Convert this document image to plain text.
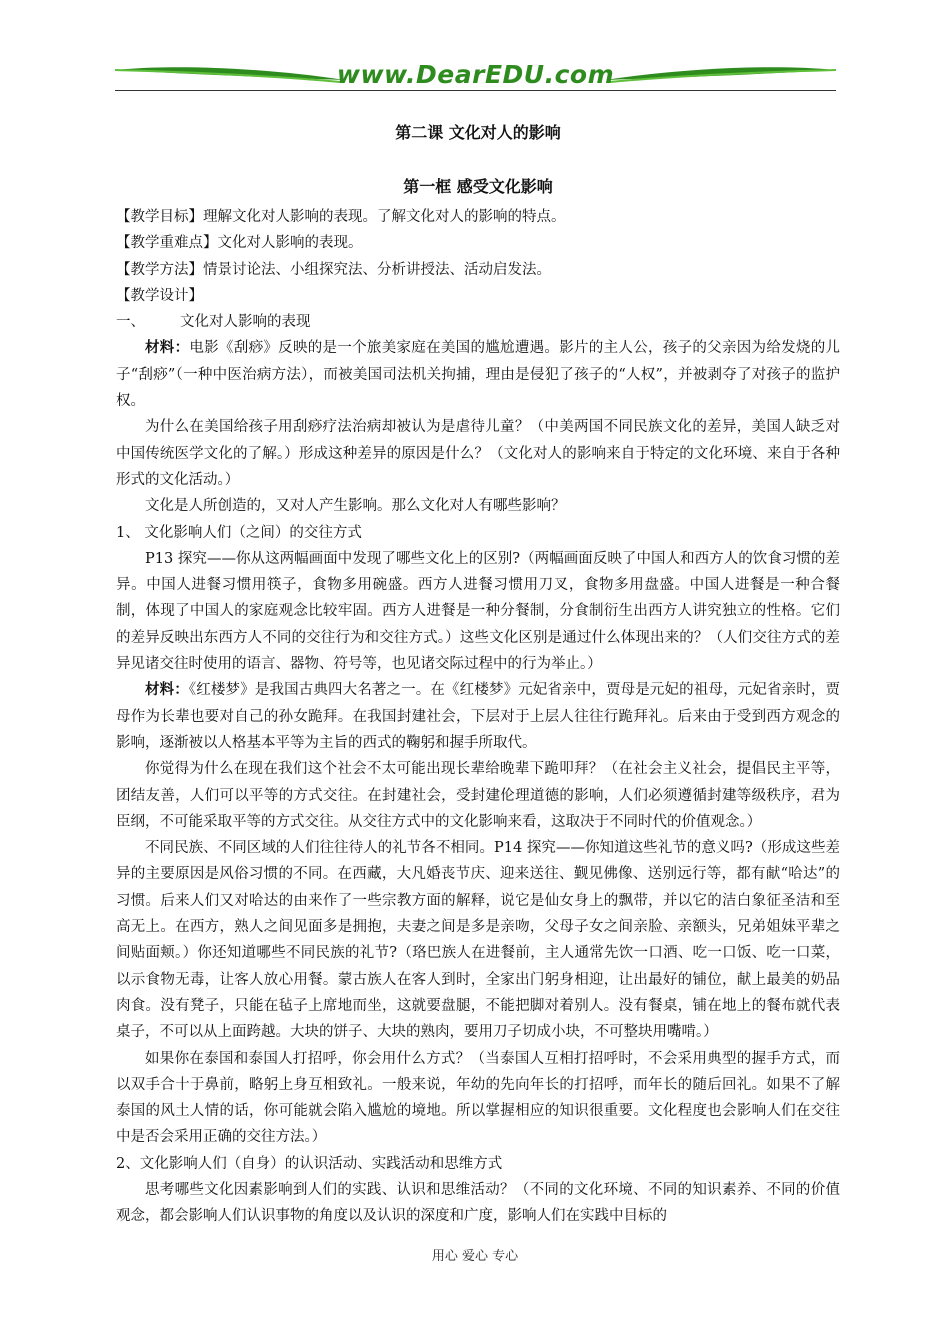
www.DearEDU.com

第二课 文化对人的影响

第一框 感受文化影响

【教学目标】理解文化对人影响的表现。了解文化对人的影响的特点。

【教学重难点】文化对人影响的表现。

【教学方法】情景讨论法、小组探究法、分析讲授法、活动启发法。

【教学设计】

一、 文化对人影响的表现

材料：电影《刮痧》反映的是一个旅美家庭在美国的尴尬遭遇。影片的主人公，孩子的父亲因为给发烧的儿子“刮痧”（一种中医治病方法），而被美国司法机关拘捕，理由是侵犯了孩子的“人权”，并被剥夺了对孩子的监护权。

为什么在美国给孩子用刮痧疗法治病却被认为是虐待儿童？（中美两国不同民族文化的差异，美国人缺乏对中国传统医学文化的了解。）形成这种差异的原因是什么？（文化对人的影响来自于特定的文化环境、来自于各种形式的文化活动。）

文化是人所创造的，又对人产生影响。那么文化对人有哪些影响？

1、 文化影响人们（之间）的交往方式

P13 探究——你从这两幅画面中发现了哪些文化上的区别?（两幅画面反映了中国人和西方人的饮食习惯的差异。中国人进餐习惯用筷子，食物多用碗盛。西方人进餐习惯用刀叉，食物多用盘盛。中国人进餐是一种合餐制，体现了中国人的家庭观念比较牢固。西方人进餐是一种分餐制，分食制衍生出西方人讲究独立的性格。它们的差异反映出东西方人不同的交往行为和交往方式。）这些文化区别是通过什么体现出来的？（人们交往方式的差异见诸交往时使用的语言、器物、符号等，也见诸交际过程中的行为举止。）

材料：《红楼梦》是我国古典四大名著之一。在《红楼梦》元妃省亲中，贾母是元妃的祖母，元妃省亲时，贾母作为长辈也要对自己的孙女跪拜。在我国封建社会，下层对于上层人往往行跪拜礼。后来由于受到西方观念的影响，逐渐被以人格基本平等为主旨的西式的鞠躬和握手所取代。

你觉得为什么在现在我们这个社会不太可能出现长辈给晚辈下跪叩拜？（在社会主义社会，提倡民主平等，团结友善，人们可以平等的方式交往。在封建社会，受封建伦理道德的影响，人们必须遵循封建等级秩序，君为臣纲，不可能采取平等的方式交往。从交往方式中的文化影响来看，这取决于不同时代的价值观念。）

不同民族、不同区域的人们往往待人的礼节各不相同。P14 探究——你知道这些礼节的意义吗?（形成这些差异的主要原因是风俗习惯的不同。在西藏，大凡婚丧节庆、迎来送往、觐见佛像、送别远行等，都有献“哈达”的习惯。后来人们又对哈达的由来作了一些宗教方面的解释，说它是仙女身上的飘带，并以它的洁白象征圣洁和至高无上。在西方，熟人之间见面多是拥抱，夫妻之间是多是亲吻，父母子女之间亲脸、亲额头，兄弟姐妹平辈之间贴面颊。）你还知道哪些不同民族的礼节?（珞巴族人在进餐前，主人通常先饮一口酒、吃一口饭、吃一口菜，以示食物无毒，让客人放心用餐。蒙古族人在客人到时，全家出门躬身相迎，让出最好的铺位，献上最美的奶品肉食。没有凳子，只能在毡子上席地而坐，这就要盘腿，不能把脚对着别人。没有餐桌，铺在地上的餐布就代表桌子，不可以从上面跨越。大块的饼子、大块的熟肉，要用刀子切成小块，不可整块用嘴啃。）

如果你在泰国和泰国人打招呼，你会用什么方式？（当泰国人互相打招呼时，不会采用典型的握手方式，而以双手合十于鼻前，略躬上身互相致礼。一般来说，年幼的先向年长的打招呼，而年长的随后回礼。如果不了解泰国的风土人情的话，你可能就会陷入尴尬的境地。所以掌握相应的知识很重要。文化程度也会影响人们在交往中是否会采用正确的交往方法。）

2、文化影响人们（自身）的认识活动、实践活动和思维方式

思考哪些文化因素影响到人们的实践、认识和思维活动？（不同的文化环境、不同的知识素养、不同的价值观念，都会影响人们认识事物的角度以及认识的深度和广度，影响人们在实践中目标的

用心 爱心 专心
